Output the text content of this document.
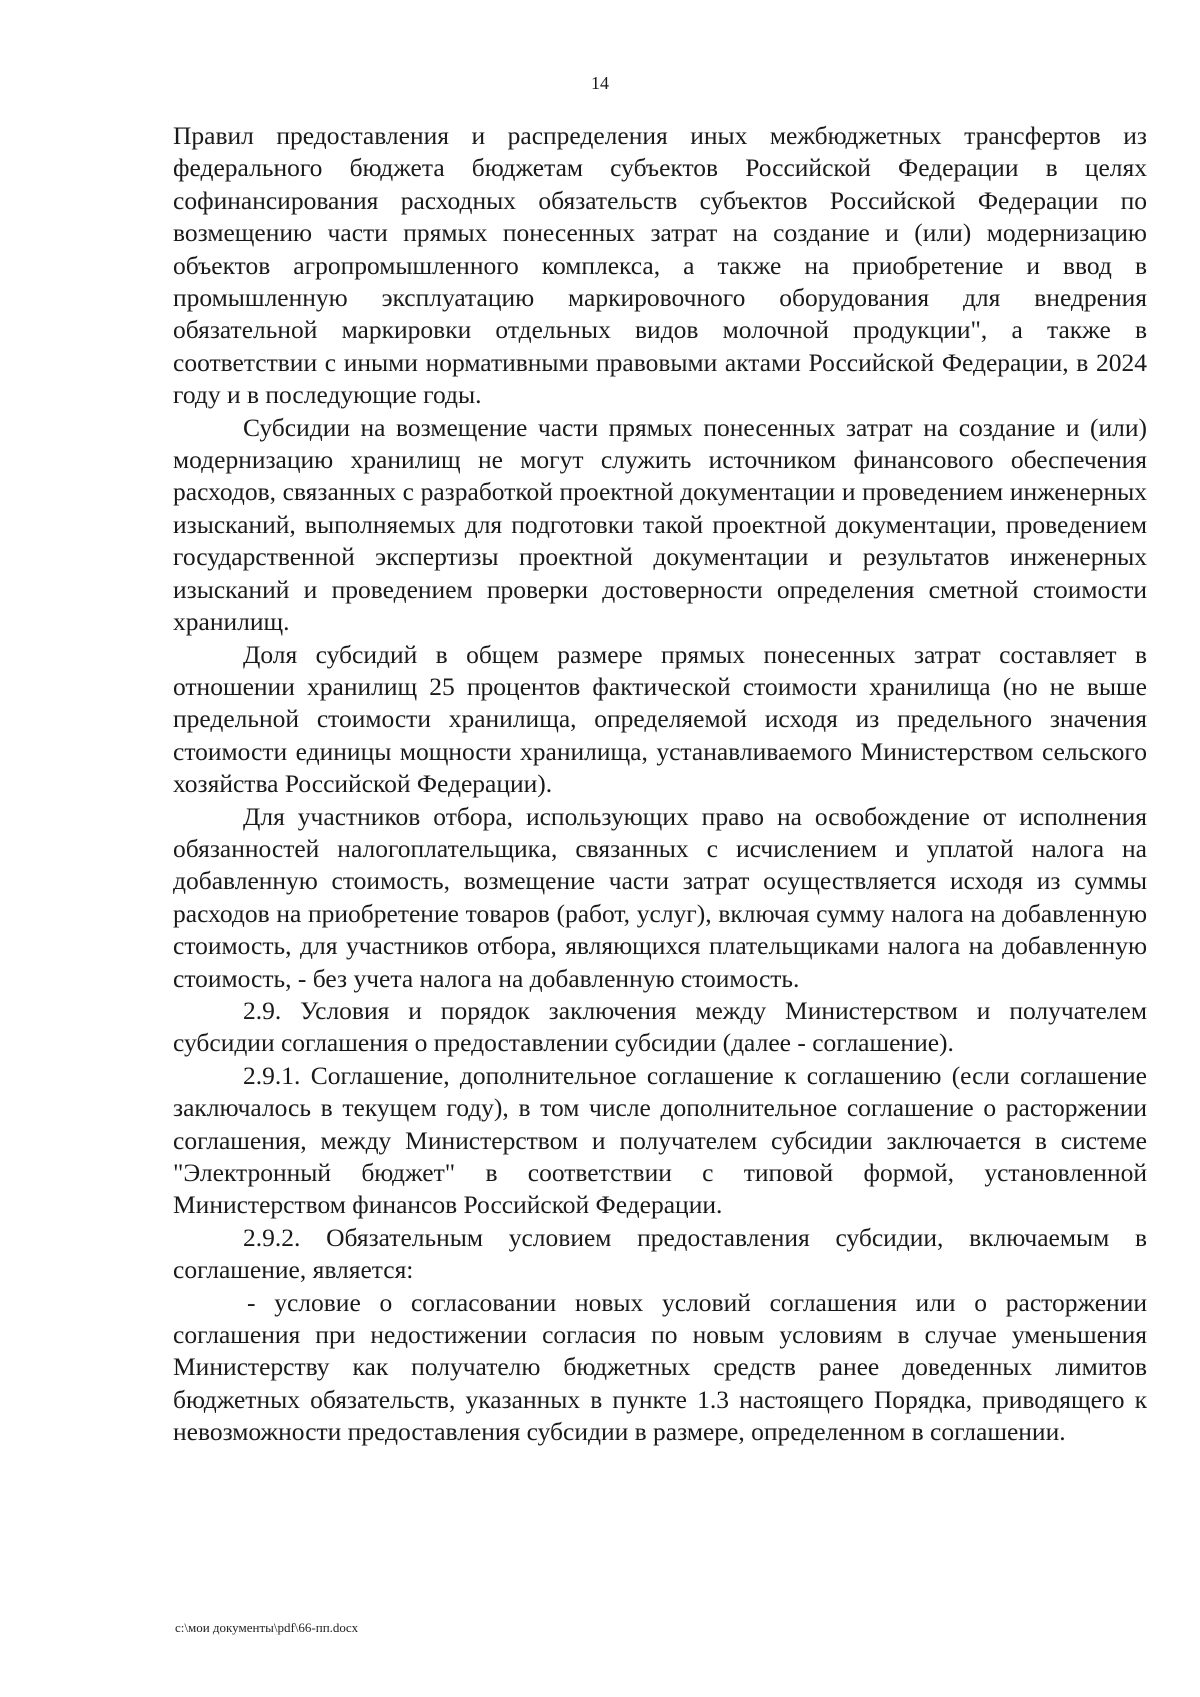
14

Правил предоставления и распределения иных межбюджетных трансфертов из федерального бюджета бюджетам субъектов Российской Федерации в целях софинансирования расходных обязательств субъектов Российской Федерации по возмещению части прямых понесенных затрат на создание и (или) модернизацию объектов агропромышленного комплекса, а также на приобретение и ввод в промышленную эксплуатацию маркировочного оборудования для внедрения обязательной маркировки отдельных видов молочной продукции", а также в соответствии с иными нормативными правовыми актами Российской Федерации, в 2024 году и в последующие годы.

Субсидии на возмещение части прямых понесенных затрат на создание и (или) модернизацию хранилищ не могут служить источником финансового обеспечения расходов, связанных с разработкой проектной документации и проведением инженерных изысканий, выполняемых для подготовки такой проектной документации, проведением государственной экспертизы проектной документации и результатов инженерных изысканий и проведением проверки достоверности определения сметной стоимости хранилищ.

Доля субсидий в общем размере прямых понесенных затрат составляет в отношении хранилищ 25 процентов фактической стоимости хранилища (но не выше предельной стоимости хранилища, определяемой исходя из предельного значения стоимости единицы мощности хранилища, устанавливаемого Министерством сельского хозяйства Российской Федерации).

Для участников отбора, использующих право на освобождение от исполнения обязанностей налогоплательщика, связанных с исчислением и уплатой налога на добавленную стоимость, возмещение части затрат осуществляется исходя из суммы расходов на приобретение товаров (работ, услуг), включая сумму налога на добавленную стоимость, для участников отбора, являющихся плательщиками налога на добавленную стоимость, - без учета налога на добавленную стоимость.

2.9. Условия и порядок заключения между Министерством и получателем субсидии соглашения о предоставлении субсидии (далее - соглашение).

2.9.1. Соглашение, дополнительное соглашение к соглашению (если соглашение заключалось в текущем году), в том числе дополнительное соглашение о расторжении соглашения, между Министерством и получателем субсидии заключается в системе "Электронный бюджет" в соответствии с типовой формой, установленной Министерством финансов Российской Федерации.

2.9.2. Обязательным условием предоставления субсидии, включаемым в соглашение, является:

- условие о согласовании новых условий соглашения или о расторжении соглашения при недостижении согласия по новым условиям в случае уменьшения Министерству как получателю бюджетных средств ранее доведенных лимитов бюджетных обязательств, указанных в пункте 1.3 настоящего Порядка, приводящего к невозможности предоставления субсидии в размере, определенном в соглашении.

c:\мои документы\pdf\66-пп.docx
